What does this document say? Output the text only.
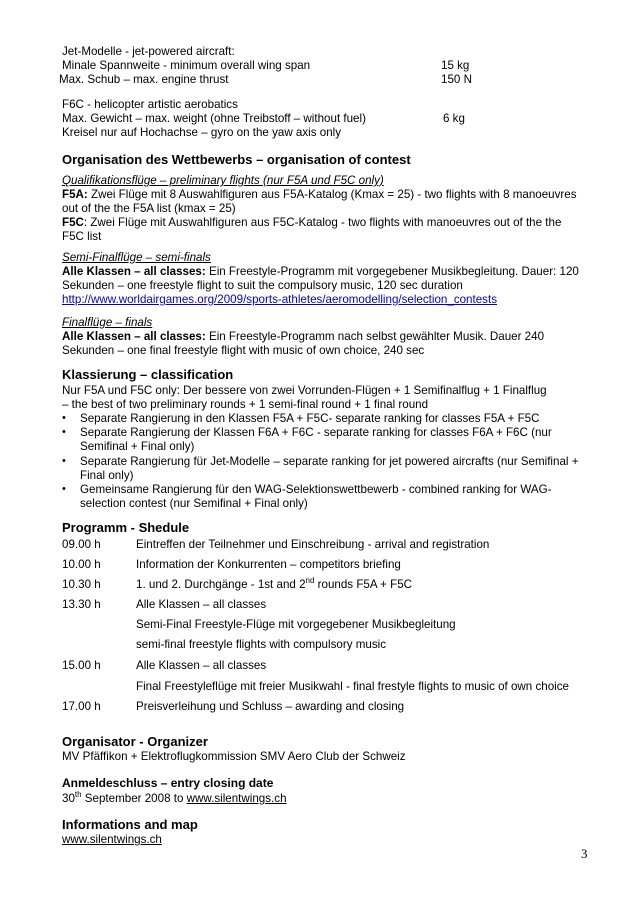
Jet-Modelle - jet-powered aircraft:
Minale Spannweite - minimum overall wing span	15 kg
Max. Schub – max. engine thrust	150 N
F6C - helicopter artistic aerobatics
Max. Gewicht – max. weight (ohne Treibstoff – without fuel)	6 kg
Kreisel nur auf Hochachse – gyro on the yaw axis only
Organisation des Wettbewerbs – organisation of contest
Qualifikationsflüge – preliminary flights (nur F5A und F5C only)
F5A: Zwei Flüge mit 8 Auswahlfiguren aus F5A-Katalog (Kmax = 25) - two flights with 8 manoeuvres
out of the the F5A list (kmax = 25)
F5C: Zwei Flüge mit Auswahlfiguren aus F5C-Katalog - two flights with manoeuvres out of the the
F5C list
Semi-Finalflüge – semi-finals
Alle Klassen – all classes: Ein Freestyle-Programm mit vorgegebener Musikbegleitung. Dauer: 120
Sekunden – one freestyle flight to suit the compulsory music, 120 sec duration
http://www.worldairgames.org/2009/sports-athletes/aeromodelling/selection_contests
Finalflüge – finals
Alle Klassen – all classes: Ein Freestyle-Programm nach selbst gewählter Musik. Dauer 240
Sekunden – one final freestyle flight with music of own choice, 240 sec
Klassierung – classification
Nur F5A und F5C only: Der bessere von zwei Vorrunden-Flügen + 1 Semifinalflug + 1 Finalflug
– the best of two preliminary rounds + 1 semi-final round + 1 final round
• Separate Rangierung in den Klassen F5A + F5C- separate ranking for classes F5A + F5C
• Separate Rangierung der Klassen F6A + F6C - separate ranking for classes F6A + F6C (nur
Semifinal + Final only)
• Separate Rangierung für Jet-Modelle – separate ranking for jet powered aircrafts (nur Semifinal +
Final only)
• Gemeinsame Rangierung für den WAG-Selektionswettbewerb - combined ranking for WAG-
selection contest (nur Semifinal + Final only)
Programm - Shedule
09.00 h	Eintreffen der Teilnehmer und Einschreibung - arrival and registration
10.00 h	Information der Konkurrenten – competitors briefing
10.30 h	1. und 2. Durchgänge - 1st and 2nd rounds F5A + F5C
13.30 h	Alle Klassen – all classes
Semi-Final Freestyle-Flüge mit vorgegebener Musikbegleitung
semi-final freestyle flights with compulsory music
15.00 h	Alle Klassen – all classes
Final Freestyleflüge mit freier Musikwahl - final frestyle flights to music of own choice
17.00 h	Preisverleihung und Schluss – awarding and closing
Organisator - Organizer
MV Pfäffikon + Elektroflugkommission SMV Aero Club der Schweiz
Anmeldeschluss – entry closing date
30th September 2008 to www.silentwings.ch
Informations and map
www.silentwings.ch
3
